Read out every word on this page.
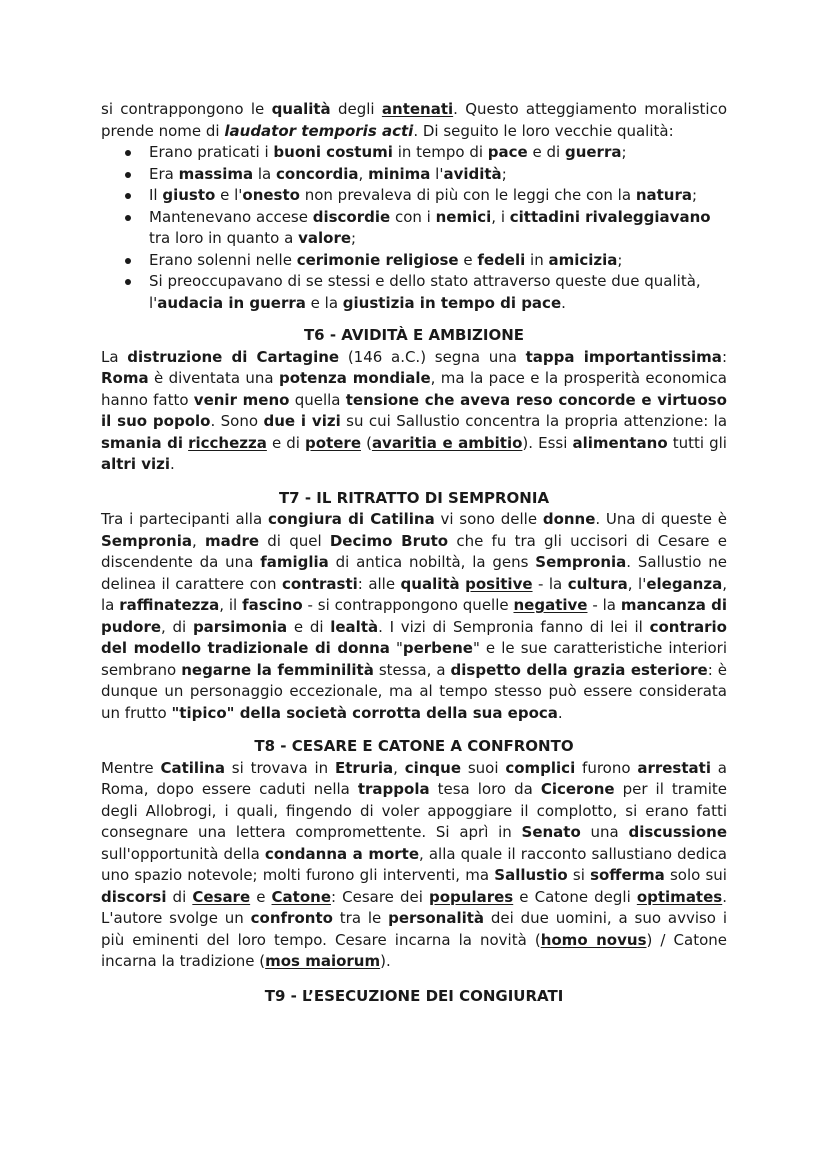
si contrappongono le qualità degli antenati. Questo atteggiamento moralistico prende nome di laudator temporis acti. Di seguito le loro vecchie qualità:

Erano praticati i buoni costumi in tempo di pace e di guerra;
Era massima la concordia, minima l'avidità;
Il giusto e l'onesto non prevaleva di più con le leggi che con la natura;
Mantenevano accese discordie con i nemici, i cittadini rivaleggiavano tra loro in quanto a valore;
Erano solenni nelle cerimonie religiose e fedeli in amicizia;
Si preoccupavano di se stessi e dello stato attraverso queste due qualità, l'audacia in guerra e la giustizia in tempo di pace.
T6 - AVIDITÀ E AMBIZIONE

La distruzione di Cartagine (146 a.C.) segna una tappa importantissima: Roma è diventata una potenza mondiale, ma la pace e la prosperità economica hanno fatto venir meno quella tensione che aveva reso concorde e virtuoso il suo popolo. Sono due i vizi su cui Sallustio concentra la propria attenzione: la smania di ricchezza e di potere (avaritia e ambitio). Essi alimentano tutti gli altri vizi.

T7 - IL RITRATTO DI SEMPRONIA

Tra i partecipanti alla congiura di Catilina vi sono delle donne. Una di queste è Sempronia, madre di quel Decimo Bruto che fu tra gli uccisori di Cesare e discendente da una famiglia di antica nobiltà, la gens Sempronia. Sallustio ne delinea il carattere con contrasti: alle qualità positive - la cultura, l'eleganza, la raffinatezza, il fascino - si contrappongono quelle negative - la mancanza di pudore, di parsimonia e di lealtà. I vizi di Sempronia fanno di lei il contrario del modello tradizionale di donna "perbene" e le sue caratteristiche interiori sembrano negarne la femminilità stessa, a dispetto della grazia esteriore: è dunque un personaggio eccezionale, ma al tempo stesso può essere considerata un frutto "tipico" della società corrotta della sua epoca.

T8 - CESARE E CATONE A CONFRONTO

Mentre Catilina si trovava in Etruria, cinque suoi complici furono arrestati a Roma, dopo essere caduti nella trappola tesa loro da Cicerone per il tramite degli Allobrogi, i quali, fingendo di voler appoggiare il complotto, si erano fatti consegnare una lettera compromettente. Si aprì in Senato una discussione sull'opportunità della condanna a morte, alla quale il racconto sallustiano dedica uno spazio notevole; molti furono gli interventi, ma Sallustio si sofferma solo sui discorsi di Cesare e Catone: Cesare dei populares e Catone degli optimates. L'autore svolge un confronto tra le personalità dei due uomini, a suo avviso i più eminenti del loro tempo. Cesare incarna la novità (homo novus) / Catone incarna la tradizione (mos maiorum).

T9 - L’ESECUZIONE DEI CONGIURATI
